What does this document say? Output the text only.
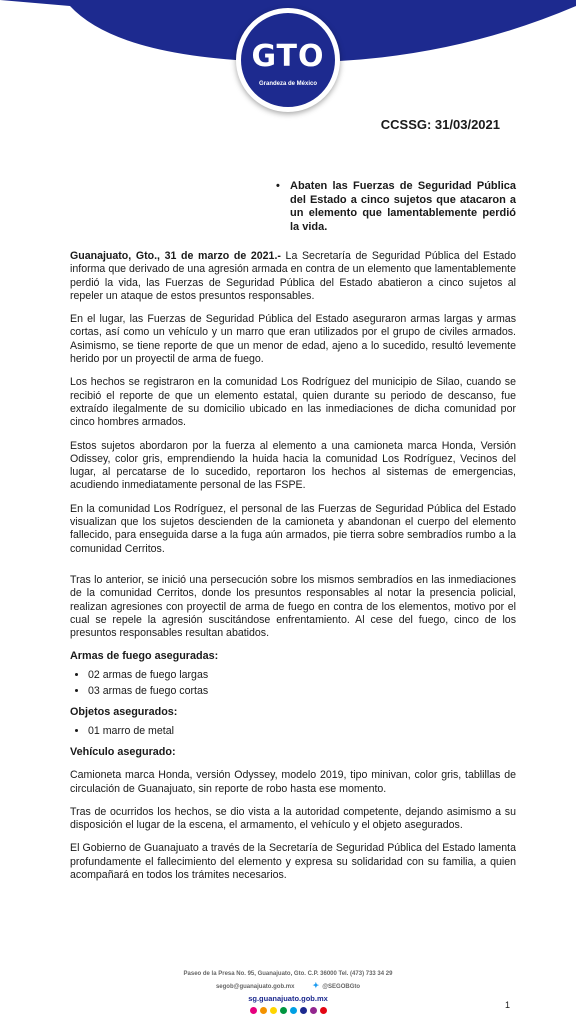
GTO
Grandeza de México
CCSSG: 31/03/2021
• Abaten las Fuerzas de Seguridad Pública del Estado a cinco sujetos que atacaron a un elemento que lamentablemente perdió la vida.

Guanajuato, Gto., 31 de marzo de 2021.- La Secretaría de Seguridad Pública del Estado informa que derivado de una agresión armada en contra de un elemento que lamentablemente perdió la vida, las Fuerzas de Seguridad Pública del Estado abatieron a cinco sujetos al repeler un ataque de estos presuntos responsables.

En el lugar, las Fuerzas de Seguridad Pública del Estado aseguraron armas largas y armas cortas, así como un vehículo y un marro que eran utilizados por el grupo de civiles armados. Asimismo, se tiene reporte de que un menor de edad, ajeno a lo sucedido, resultó levemente herido por un proyectil de arma de fuego.

Los hechos se registraron en la comunidad Los Rodríguez del municipio de Silao, cuando se recibió el reporte de que un elemento estatal, quien durante su periodo de descanso, fue extraído ilegalmente de su domicilio ubicado en las inmediaciones de dicha comunidad por cinco hombres armados.

Estos sujetos abordaron por la fuerza al elemento a una camioneta marca Honda, Versión Odissey, color gris, emprendiendo la huida hacia la comunidad Los Rodríguez, Vecinos del lugar, al percatarse de lo sucedido, reportaron los hechos al sistemas de emergencias, acudiendo inmediatamente personal de las FSPE.

En la comunidad Los Rodríguez, el personal de las Fuerzas de Seguridad Pública del Estado visualizan que los sujetos descienden de la camioneta y abandonan el cuerpo del elemento fallecido, para enseguida darse a la fuga aún armados, pie tierra sobre sembradíos rumbo a la comunidad Cerritos.

Tras lo anterior, se inició una persecución sobre los mismos sembradíos en las inmediaciones de la comunidad Cerritos, donde los presuntos responsables al notar la presencia policial, realizan agresiones con proyectil de arma de fuego en contra de los elementos, motivo por el cual se repele la agresión suscitándose enfrentamiento. Al cese del fuego, cinco de los presuntos responsables resultan abatidos.

Armas de fuego aseguradas:
• 02 armas de fuego largas
• 03 armas de fuego cortas
Objetos asegurados:
• 01 marro de metal
Vehículo asegurado:

Camioneta marca Honda, versión Odyssey, modelo 2019, tipo minivan, color gris, tablillas de circulación de Guanajuato, sin reporte de robo hasta ese momento.

Tras de ocurridos los hechos, se dio vista a la autoridad competente, dejando asimismo a su disposición el lugar de la escena, el armamento, el vehículo y el objeto asegurados.

El Gobierno de Guanajuato a través de la Secretaría de Seguridad Pública del Estado lamenta profundamente el fallecimiento del elemento y expresa su solidaridad con su familia, a quien acompañará en todos los trámites necesarios.

Paseo de la Presa No. 95, Guanajuato, Gto. C.P. 36000 Tel. (473) 733 34 29
segob@guanajuato.gob.mx ✦ @SEGOBGto
sg.guanajuato.gob.mx
1
